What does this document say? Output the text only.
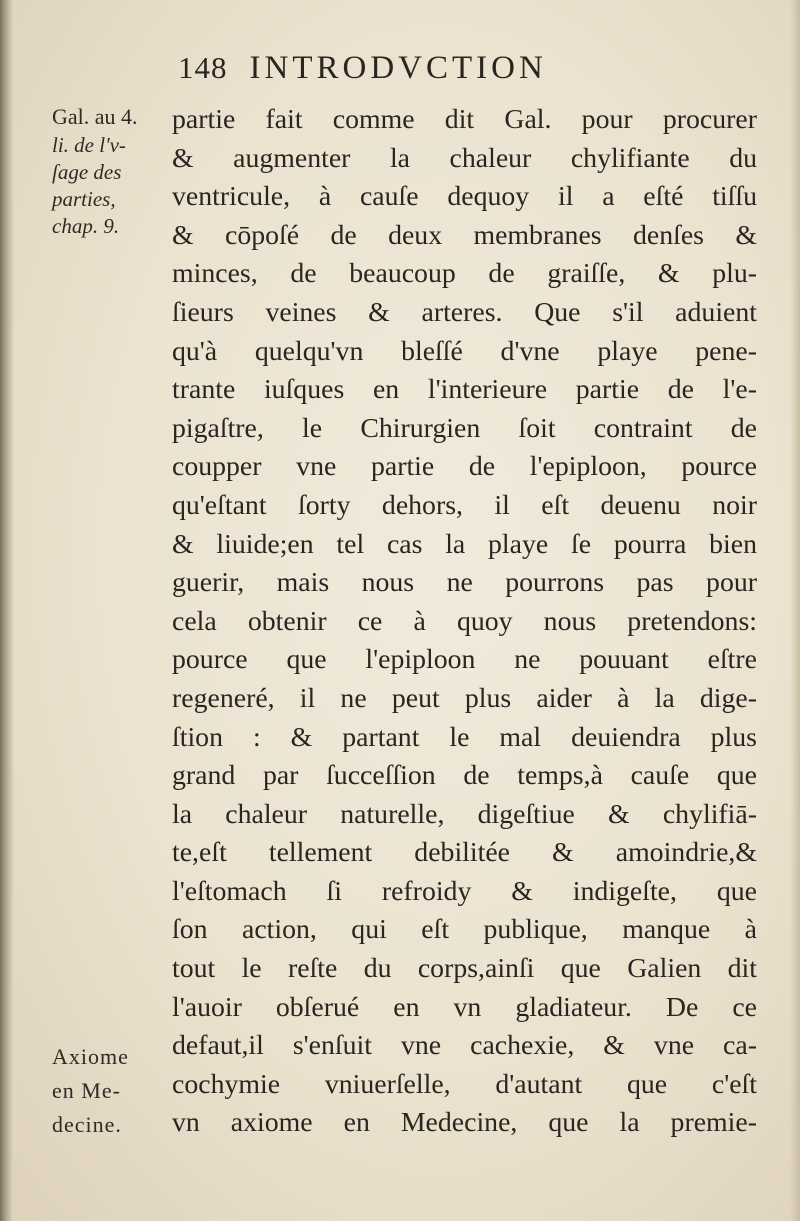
148 INTRODVCTION
Gal. au 4.
li. de l'v-
ſage des
parties,
chap. 9.
Axiome
en Me-
decine.
partie fait comme dit Gal. pour procurer
& augmenter la chaleur chylifiante du
ventricule, à cauſe dequoy il a eſté tiſſu
& cōpoſé de deux membranes denſes &
minces, de beaucoup de graiſſe, & plu-
ſieurs veines & arteres. Que s'il aduient
qu'à quelqu'vn bleſſé d'vne playe pene-
trante iuſques en l'interieure partie de l'e-
pigaſtre, le Chirurgien ſoit contraint de
coupper vne partie de l'epiploon, pource
qu'eſtant ſorty dehors, il eſt deuenu noir
& liuide;en tel cas la playe ſe pourra bien
guerir, mais nous ne pourrons pas pour
cela obtenir ce à quoy nous pretendons:
pource que l'epiploon ne pouuant eſtre
regeneré, il ne peut plus aider à la dige-
ſtion : & partant le mal deuiendra plus
grand par ſucceſſion de temps,à cauſe que
la chaleur naturelle, digeſtiue & chylifiā-
te,eſt tellement debilitée & amoindrie,&
l'eſtomach ſi refroidy & indigeſte, que
ſon action, qui eſt publique, manque à
tout le reſte du corps,ainſi que Galien dit
l'auoir obſerué en vn gladiateur. De ce
defaut,il s'enſuit vne cachexie, & vne ca-
cochymie vniuerſelle, d'autant que c'eſt
vn axiome en Medecine, que la premie-
